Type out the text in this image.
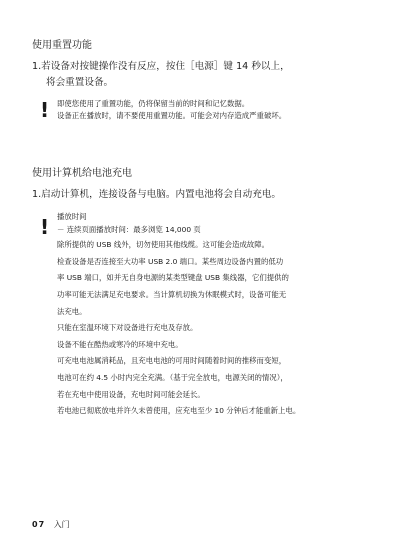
使用重置功能
1.若设备对按键操作没有反应，按住［电源］键 14 秒以上，
将会重置设备。
! 即使您使用了重置功能，仍将保留当前的时间和记忆数据。
设备正在播放时，请不要使用重置功能。可能会对内存造成严重破坏。
使用计算机给电池充电
1.启动计算机，连接设备与电脑。内置电池将会自动充电。
! 播放时间
－ 连续页面播放时间：最多浏览 14,000 页
除所提供的 USB 线外，切勿使用其他线缆。这可能会造成故障。
检查设备是否连接至大功率 USB 2.0 端口。某些周边设备内置的低功
率 USB 端口，如并无自身电源的某类型键盘 USB 集线器，它们提供的
功率可能无法满足充电要求。当计算机切换为休眠模式时，设备可能无
法充电。
只能在室温环境下对设备进行充电及存放。
设备不能在酷热或寒冷的环境中充电。
可充电电池属消耗品，且充电电池的可用时间随着时间的推移而变短，
电池可在约 4.5 小时内完全充满。（基于完全放电，电源关闭的情况），
若在充电中使用设备，充电时间可能会延长。
若电池已彻底放电并许久未曾使用，应充电至少 10 分钟后才能重新上电。
07 入门
